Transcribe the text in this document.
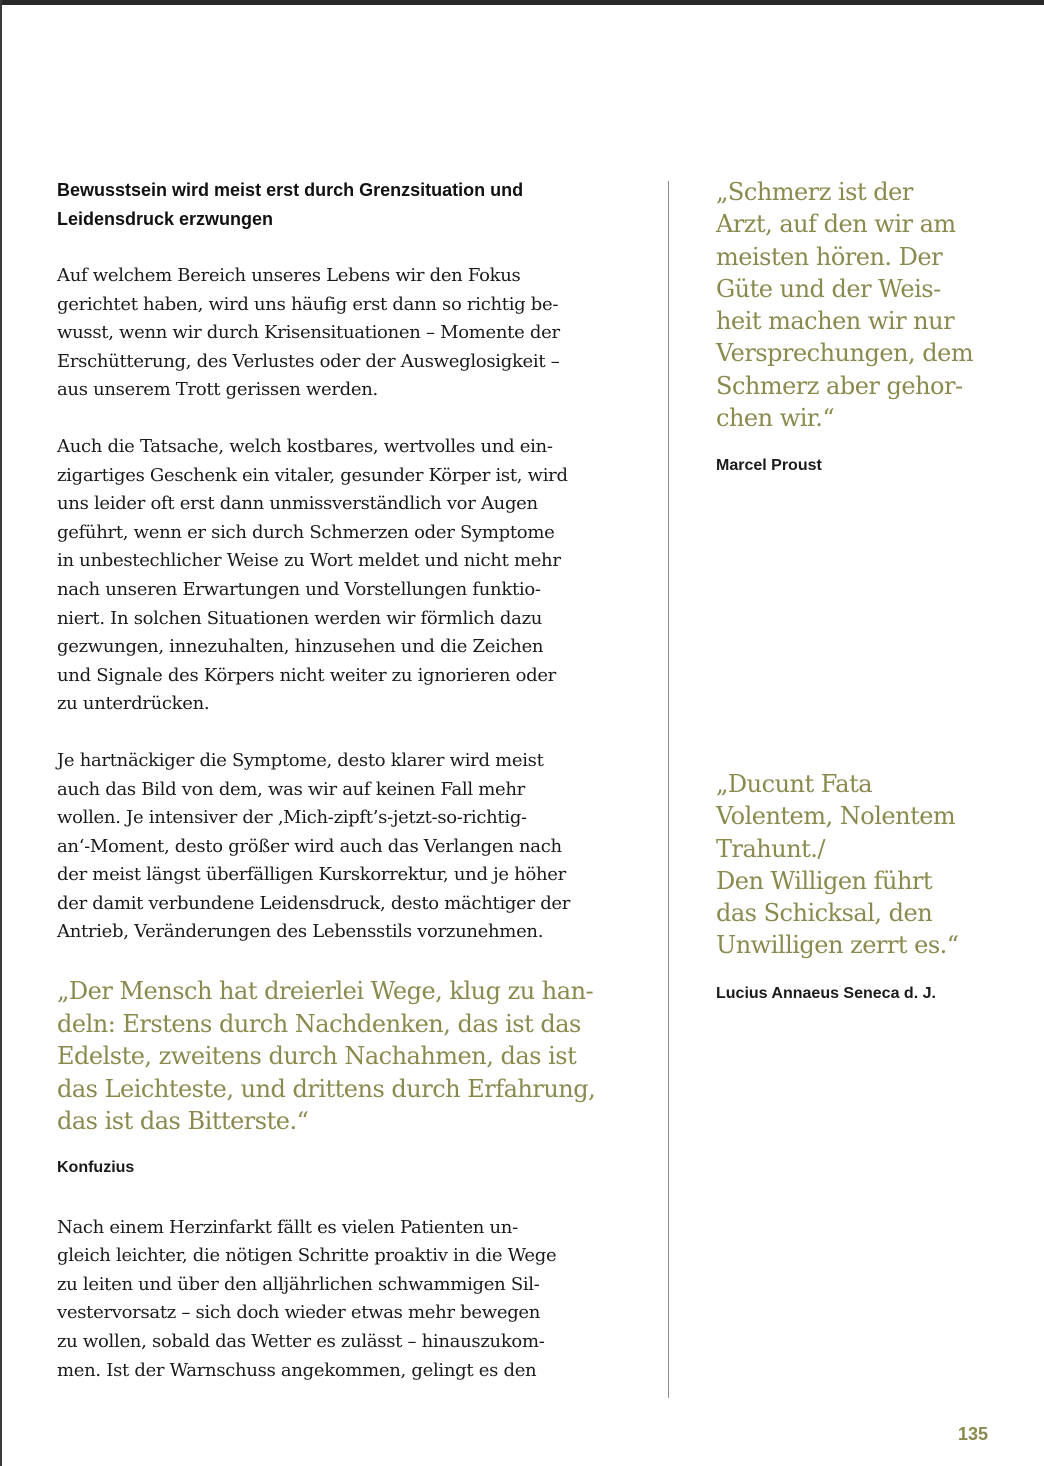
Bewusstsein wird meist erst durch Grenzsituation und
Leidensdruck erzwungen
Auf welchem Bereich unseres Lebens wir den Fokus
gerichtet haben, wird uns häufig erst dann so richtig be-
wusst, wenn wir durch Krisensituationen – Momente der
Erschütterung, des Verlustes oder der Ausweglosigkeit –
aus unserem Trott gerissen werden.
Auch die Tatsache, welch kostbares, wertvolles und ein-
zigartiges Geschenk ein vitaler, gesunder Körper ist, wird
uns leider oft erst dann unmissverständlich vor Augen
geführt, wenn er sich durch Schmerzen oder Symptome
in unbestechlicher Weise zu Wort meldet und nicht mehr
nach unseren Erwartungen und Vorstellungen funktio-
niert. In solchen Situationen werden wir förmlich dazu
gezwungen, innezuhalten, hinzusehen und die Zeichen
und Signale des Körpers nicht weiter zu ignorieren oder
zu unterdrücken.
Je hartnäckiger die Symptome, desto klarer wird meist
auch das Bild von dem, was wir auf keinen Fall mehr
wollen. Je intensiver der ‚Mich-zipft’s-jetzt-so-richtig-
an‘-Moment, desto größer wird auch das Verlangen nach
der meist längst überfälligen Kurskorrektur, und je höher
der damit verbundene Leidensdruck, desto mächtiger der
Antrieb, Veränderungen des Lebensstils vorzunehmen.
„Der Mensch hat dreierlei Wege, klug zu han-
deln: Erstens durch Nachdenken, das ist das
Edelste, zweitens durch Nachahmen, das ist
das Leichteste, und drittens durch Erfahrung,
das ist das Bitterste.“
Konfuzius
Nach einem Herzinfarkt fällt es vielen Patienten un-
gleich leichter, die nötigen Schritte proaktiv in die Wege
zu leiten und über den alljährlichen schwammigen Sil-
vestervorsatz – sich doch wieder etwas mehr bewegen
zu wollen, sobald das Wetter es zulässt – hinauszukom-
men. Ist der Warnschuss angekommen, gelingt es den
„Schmerz ist der
Arzt, auf den wir am
meisten hören. Der
Güte und der Weis-
heit machen wir nur
Versprechungen, dem
Schmerz aber gehor-
chen wir.“
Marcel Proust
„Ducunt Fata
Volentem, Nolentem
Trahunt./
Den Willigen führt
das Schicksal, den
Unwilligen zerrt es.“
Lucius Annaeus Seneca d. J.
135
